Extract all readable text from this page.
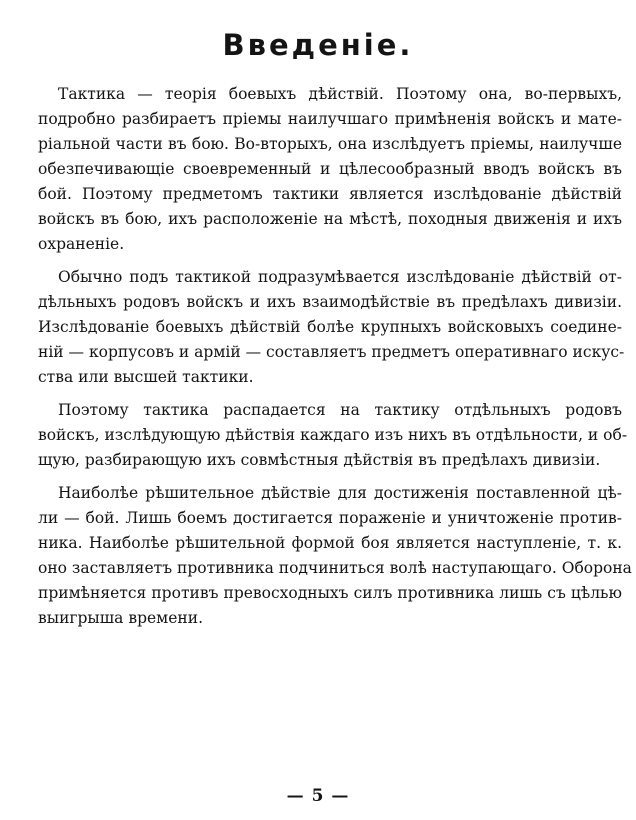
Введеніе.

Тактика — теорія боевыхъ дѣйствій. Поэтому она, во-первыхъ,
подробно разбираетъ пріемы наилучшаго примѣненія войскъ и мате-
ріальной части въ бою. Во-вторыхъ, она изслѣдуетъ пріемы, наилучше
обезпечивающіе своевременный и цѣлесообразный вводъ войскъ въ
бой. Поэтому предметомъ тактики является изслѣдованіе дѣйствій
войскъ въ бою, ихъ расположеніе на мѣстѣ, походныя движенія и ихъ
охраненіе.

Обычно подъ тактикой подразумѣвается изслѣдованіе дѣйствій от-
дѣльныхъ родовъ войскъ и ихъ взаимодѣйствіе въ предѣлахъ дивизіи.
Изслѣдованіе боевыхъ дѣйствій болѣе крупныхъ войсковыхъ соедине-
ній — корпусовъ и армій — составляетъ предметъ оперативнаго искус-
ства или высшей тактики.

Поэтому тактика распадается на тактику отдѣльныхъ родовъ
войскъ, изслѣдующую дѣйствія каждаго изъ нихъ въ отдѣльности, и об-
щую, разбирающую ихъ совмѣстныя дѣйствія въ предѣлахъ дивизіи.

Наиболѣе рѣшительное дѣйствіе для достиженія поставленной цѣ-
ли — бой. Лишь боемъ достигается пораженіе и уничтоженіе против-
ника. Наиболѣе рѣшительной формой боя является наступленіе, т. к.
оно заставляетъ противника подчиниться волѣ наступающаго. Оборона
примѣняется противъ превосходныхъ силъ противника лишь съ цѣлью
выигрыша времени.

— 5 —
